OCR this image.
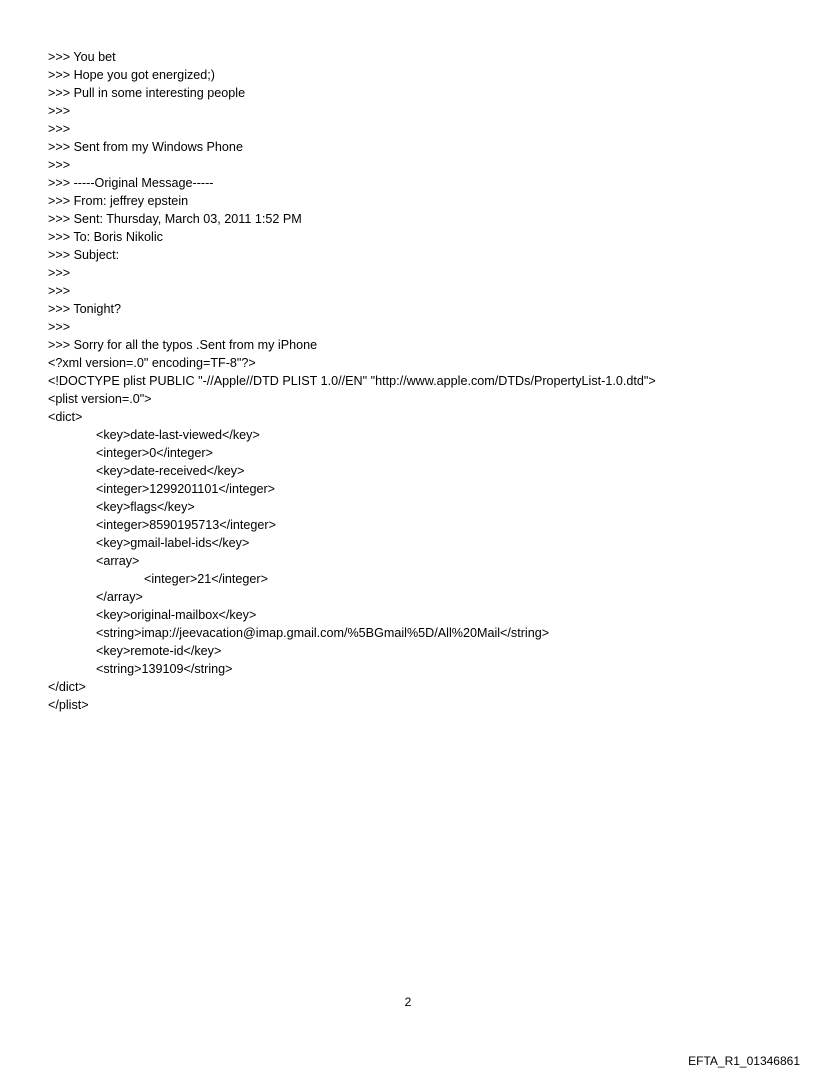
>>> You bet
>>> Hope you got energized;)
>>> Pull in some interesting people
>>>
>>>
>>> Sent from my Windows Phone
>>>
>>> -----Original Message-----
>>> From: jeffrey epstein
>>> Sent: Thursday, March 03, 2011 1:52 PM
>>> To: Boris Nikolic
>>> Subject:
>>>
>>>
>>> Tonight?
>>>
>>> Sorry for all the typos .Sent from my iPhone
<?xml version=.0" encoding=TF-8"?>
<!DOCTYPE plist PUBLIC "-//Apple//DTD PLIST 1.0//EN" "http://www.apple.com/DTDs/PropertyList-1.0.dtd">
<plist version=.0">
<dict>
<key>date-last-viewed</key>
<integer>0</integer>
<key>date-received</key>
<integer>1299201101</integer>
<key>flags</key>
<integer>8590195713</integer>
<key>gmail-label-ids</key>
<array>
<integer>21</integer>
</array>
<key>original-mailbox</key>
<string>imap://jeevacation@imap.gmail.com/%5BGmail%5D/All%20Mail</string>
<key>remote-id</key>
<string>139109</string>
</dict>
</plist>
2
EFTA_R1_01346861
